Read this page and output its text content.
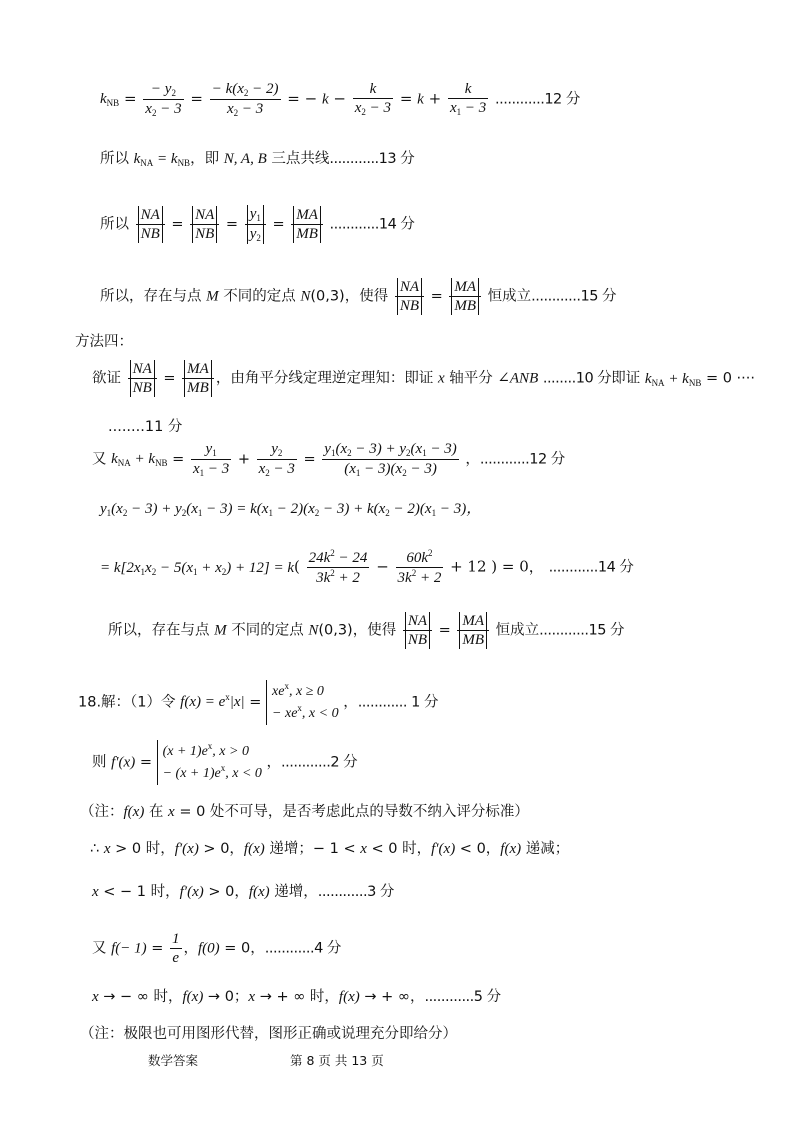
$k_{NB} = \frac{- y_2}{x_2 - 3} = \frac{- k(x_2 - 2)}{x_2 - 3}$ = − $k - \frac{k}{x_2 - 3} = k + \frac{k}{x_1 - 3} ............12$ 分
所以 $k_{NA} = k_{NB}$，即 N, A, B 三点共线............13 分
所以 $\frac{NA}{NB} = \frac{NA}{NB} = \frac{y_1}{y_2} = \frac{MA}{MB} ............14$ 分
所以，存在与点 M 不同的定点 N(0,3)，使得 $\frac{NA}{NB} = \frac{MA}{MB}$ 恒成立............15 分
方法四：
欲证 $\frac{NA}{NB} = \frac{MA}{MB}$ ，由角平分线定理逆定理知：即证 x 轴平分 ∠ANB ........10 分即证 $k_{NA} + k_{NB} = 0$ ····
........11 分
又 $k_{NA} + k_{NB} = \frac{y_1}{x_1 - 3} + \frac{y_2}{x_2 - 3} = \frac{y_1(x_2 - 3) + y_2(x_1 - 3)}{(x_1 - 3)(x_2 - 3)}$ ，............12 分
$y_1(x_2 - 3) + y_2(x_1 - 3) = k(x_1 - 2)(x_2 - 3) + k(x_2 - 2)(x_1 - 3)$，
= $k[2x_1x_2 - 5(x_1 + x_2) + 12] = k( \frac{24k^2 - 24}{3k^2 + 2} - \frac{60k^2}{3k^2 + 2} + 12$ ) = 0， ............14 分
所以，存在与点 M 不同的定点 N(0,3)，使得 $\frac{NA}{NB} = \frac{MA}{MB}$ 恒成立............15 分
18.解：（1）令 $f(x) = e^x|x|$ =
$xe^x$, x ≥ 0
− $xe^x$, x < 0
，............ 1 分
则 f′(x) =
$(x + 1)e^x$, x > 0
− $(x + 1)e^x$, x < 0
，............2 分
（注：f(x) 在 x = 0 处不可导，是否考虑此点的导数不纳入评分标准）
∴ x > 0 时，f′(x) > 0，f(x) 递增；− 1 < x < 0 时，f′(x) < 0，f(x) 递减；
x < − 1 时，f′(x) > 0，f(x) 递增，............3 分
又 $f(- 1) = \frac{1}{e}$ ，f(0) = 0，............4 分
x → − ∞ 时，f(x) → 0；x → + ∞ 时，f(x) → + ∞，............5 分
（注：极限也可用图形代替，图形正确或说理充分即给分）
数学答案	第 8 页 共 13 页
